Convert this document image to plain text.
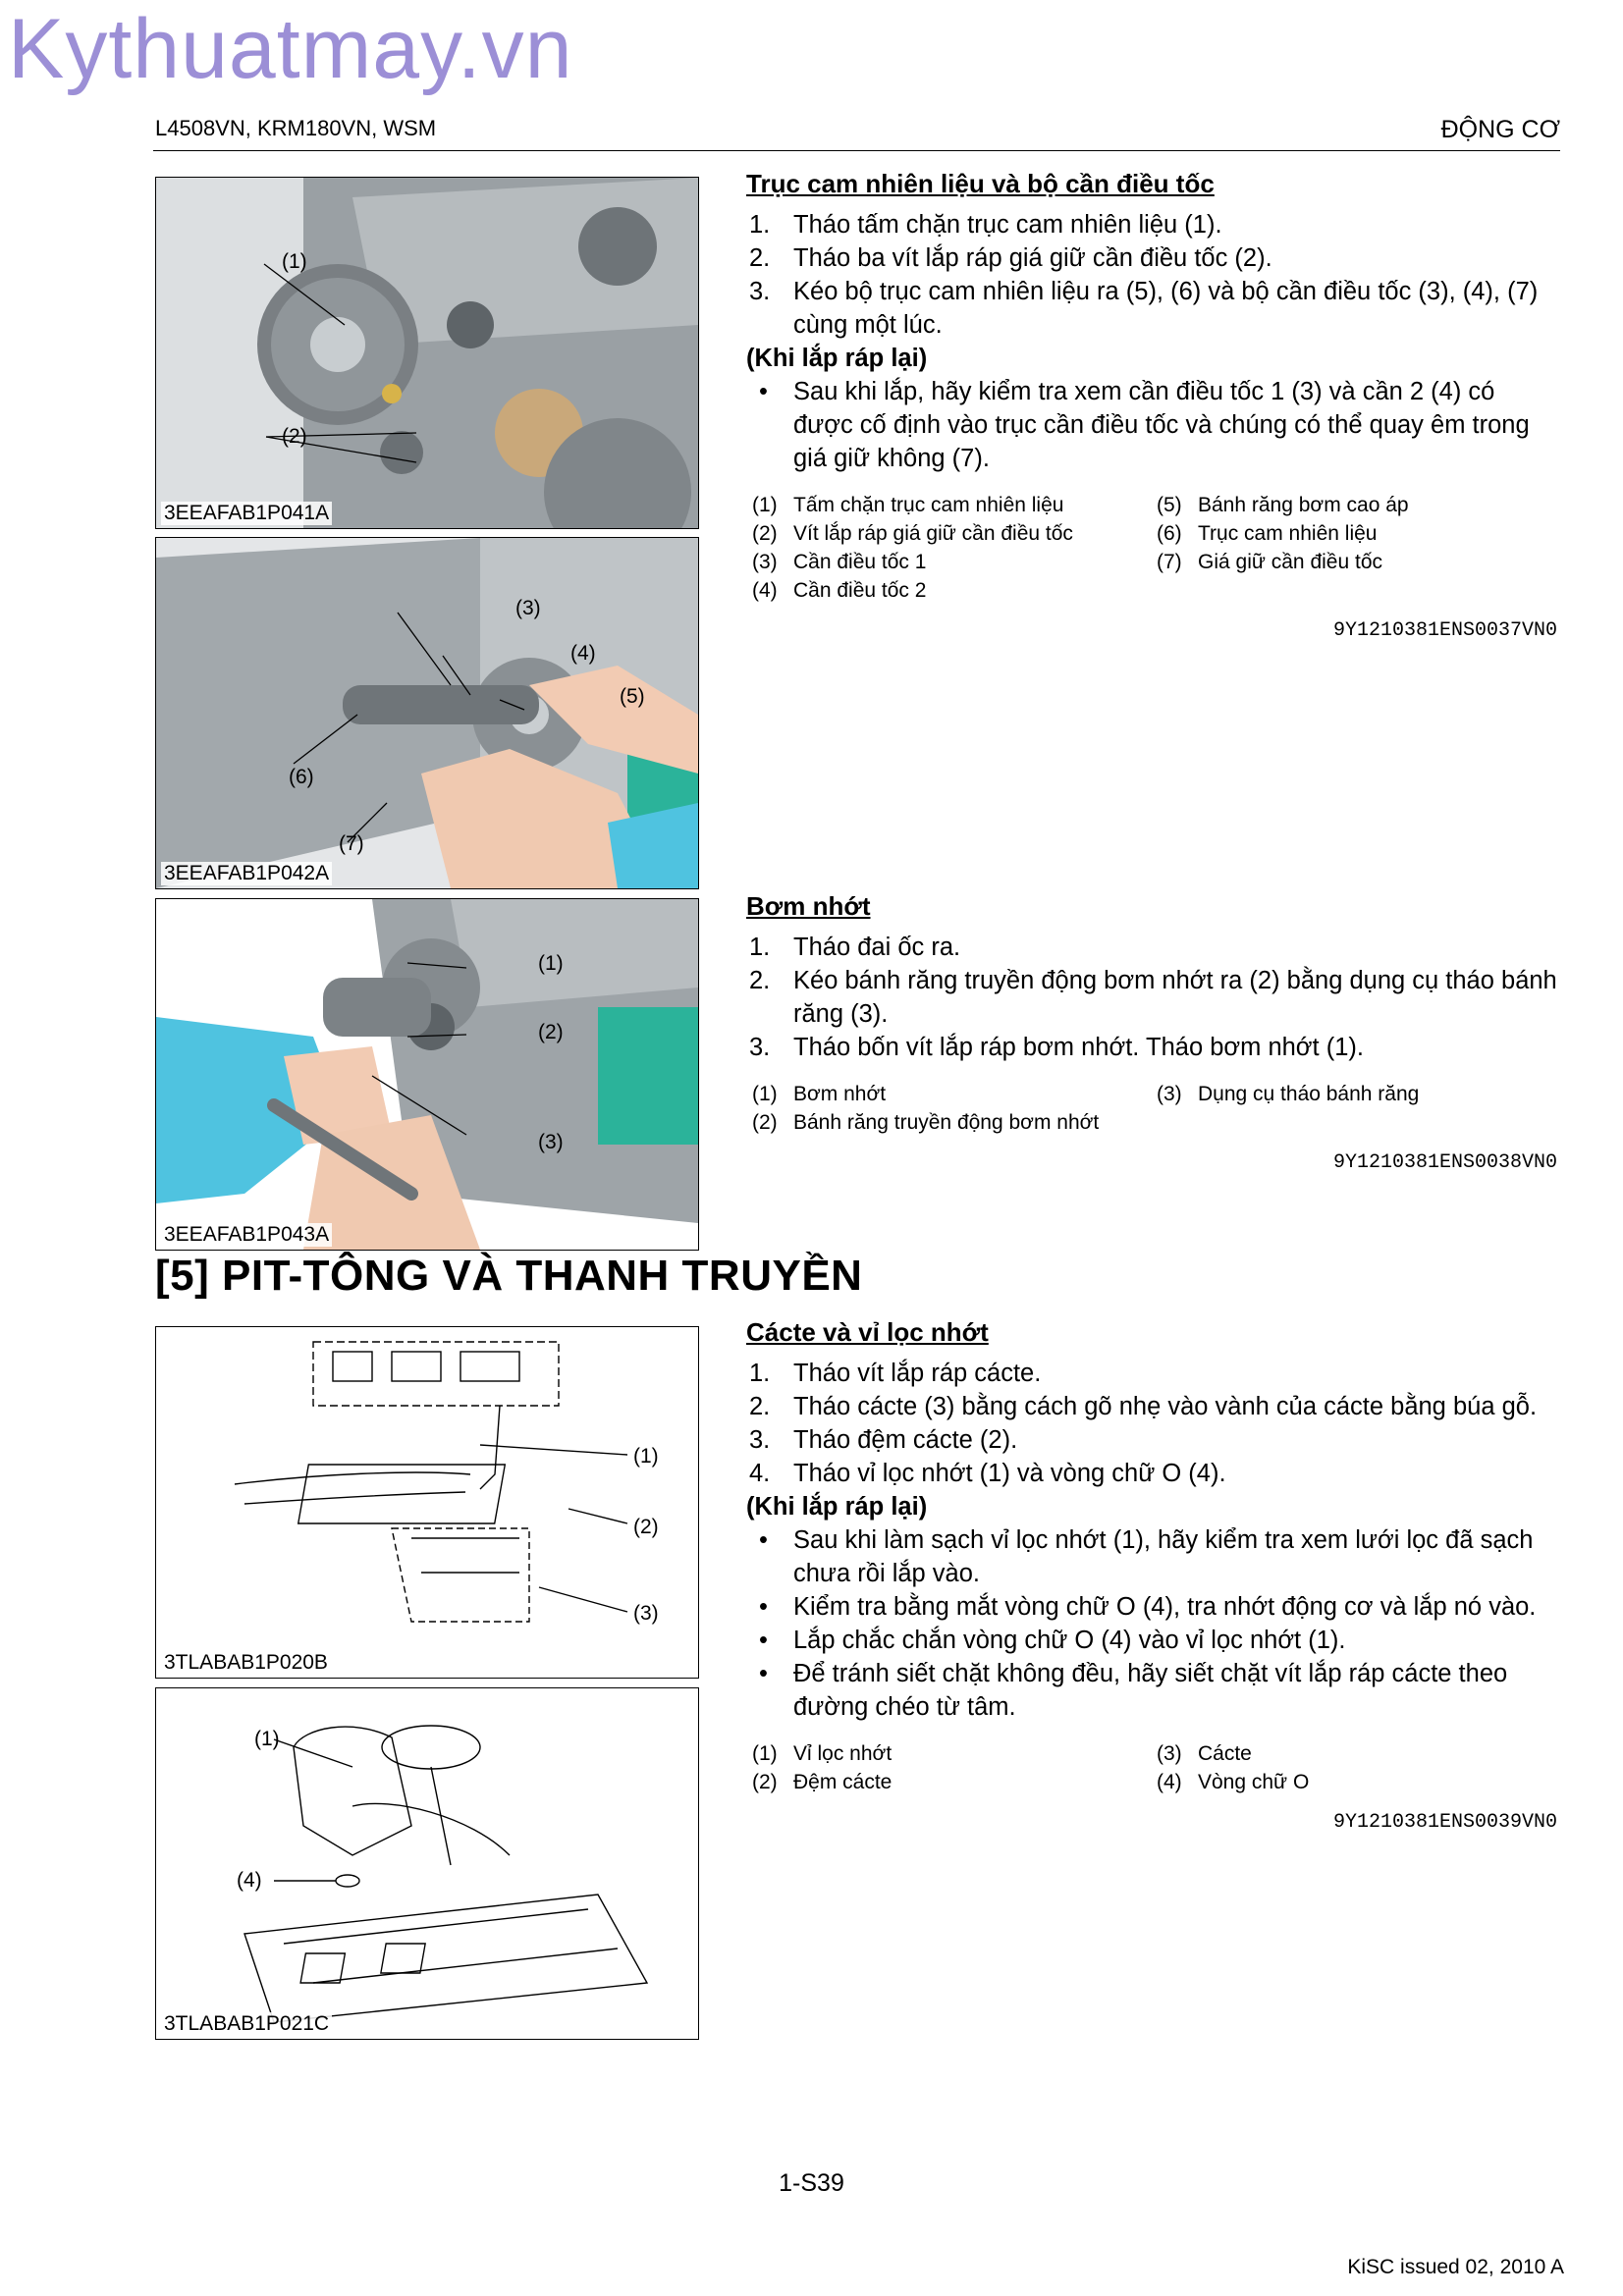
Kythuatmay.vn
L4508VN, KRM180VN, WSM	ĐỘNG CƠ
(1)
(2)
3EEAFAB1P041A
(3)
(4)
(5)
(6)
(7)
3EEAFAB1P042A
(1)
(2)
(3)
3EEAFAB1P043A
[5] PIT-TÔNG VÀ THANH TRUYỀN
(1)
(2)
(3)
3TLABAB1P020B
(1)
(4)
3TLABAB1P021C
Trục cam nhiên liệu và bộ cần điều tốc
1. Tháo tấm chặn trục cam nhiên liệu (1).
2. Tháo ba vít lắp ráp giá giữ cần điều tốc (2).
3. Kéo bộ trục cam nhiên liệu ra (5), (6) và bộ cần điều tốc (3), (4), (7) cùng một lúc.
(Khi lắp ráp lại)
• Sau khi lắp, hãy kiểm tra xem cần điều tốc 1 (3) và cần 2 (4) có được cố định vào trục cần điều tốc và chúng có thể quay êm trong giá giữ không (7).
(1) Tấm chặn trục cam nhiên liệu	(5) Bánh răng bơm cao áp
(2) Vít lắp ráp giá giữ cần điều tốc	(6) Trục cam nhiên liệu
(3) Cần điều tốc 1	(7) Giá giữ cần điều tốc
(4) Cần điều tốc 2
9Y1210381ENS0037VN0
Bơm nhớt
1. Tháo đai ốc ra.
2. Kéo bánh răng truyền động bơm nhớt ra (2) bằng dụng cụ tháo bánh răng (3).
3. Tháo bốn vít lắp ráp bơm nhớt. Tháo bơm nhớt (1).
(1) Bơm nhớt	(3) Dụng cụ tháo bánh răng
(2) Bánh răng truyền động bơm nhớt
9Y1210381ENS0038VN0
Cácte và vỉ lọc nhớt
1. Tháo vít lắp ráp cácte.
2. Tháo cácte (3) bằng cách gõ nhẹ vào vành của cácte bằng búa gỗ.
3. Tháo đệm cácte (2).
4. Tháo vỉ lọc nhớt (1) và vòng chữ O (4).
(Khi lắp ráp lại)
• Sau khi làm sạch vỉ lọc nhớt (1), hãy kiểm tra xem lưới lọc đã sạch chưa rồi lắp vào.
• Kiểm tra bằng mắt vòng chữ O (4), tra nhớt động cơ và lắp nó vào.
• Lắp chắc chắn vòng chữ O (4) vào vỉ lọc nhớt (1).
• Để tránh siết chặt không đều, hãy siết chặt vít lắp ráp cácte theo đường chéo từ tâm.
(1) Vỉ lọc nhớt	(3) Cácte
(2) Đệm cácte	(4) Vòng chữ O
9Y1210381ENS0039VN0
1-S39
KiSC issued 02, 2010 A
